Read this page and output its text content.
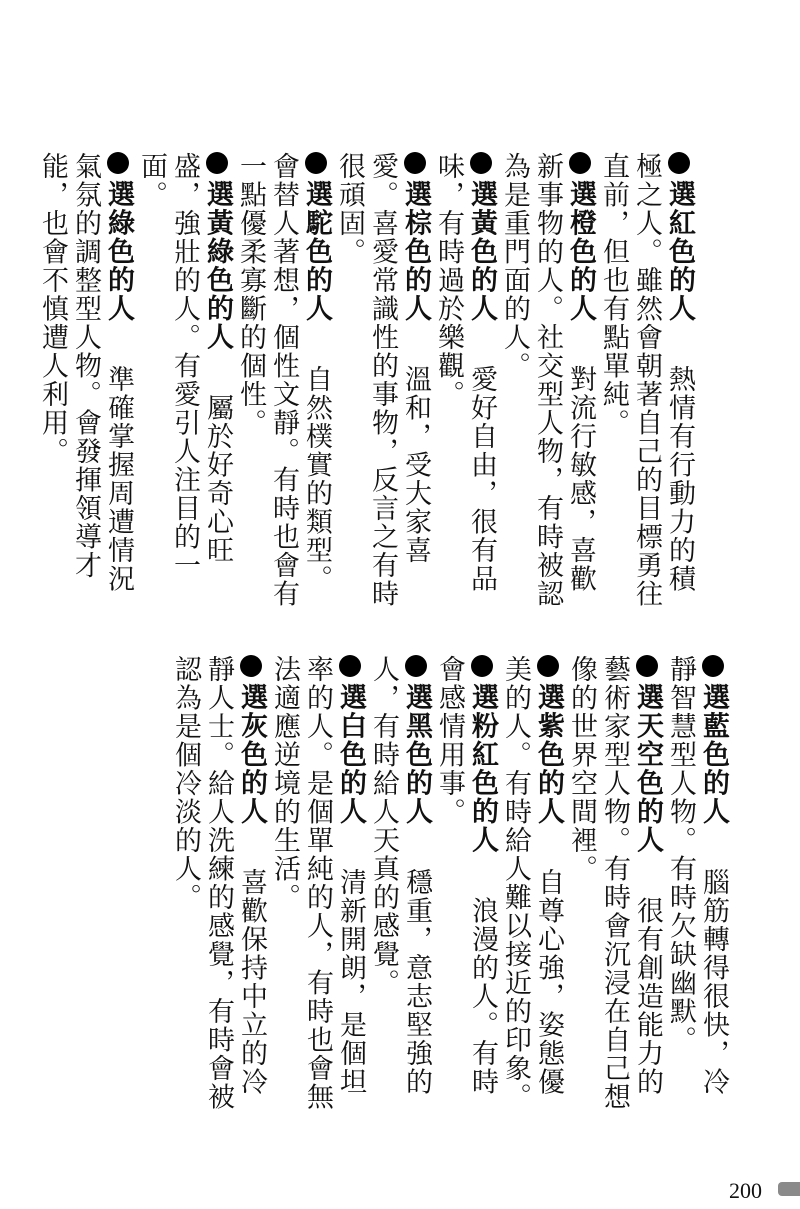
選紅色的人　熱情有行動力的積極之人。雖然會朝著自己的目標勇往直前，但也有點單純。
選橙色的人　對流行敏感，喜歡新事物的人。社交型人物，有時被認為是重門面的人。
選黃色的人　愛好自由，很有品味，有時過於樂觀。
選棕色的人　溫和，受大家喜愛。喜愛常識性的事物，反言之有時很頑固。
選駝色的人　自然樸實的類型。會替人著想，個性文靜。有時也會有一點優柔寡斷的個性。
選黃綠色的人　屬於好奇心旺盛，強壯的人。有愛引人注目的一面。
選綠色的人　準確掌握周遭情況氣氛的調整型人物。會發揮領導才能，也會不慎遭人利用。
選藍色的人　腦筋轉得很快，冷靜智慧型人物。有時欠缺幽默。
選天空色的人　很有創造能力的藝術家型人物。有時會沉浸在自己想像的世界空間裡。
選紫色的人　自尊心強，姿態優美的人。有時給人難以接近的印象。
選粉紅色的人　浪漫的人。有時會感情用事。
選黑色的人　穩重，意志堅強的人，有時給人天真的感覺。
選白色的人　清新開朗，是個坦率的人。是個單純的人，有時也會無法適應逆境的生活。
選灰色的人　喜歡保持中立的冷靜人士。給人洗練的感覺，有時會被認為是個冷淡的人。
200
